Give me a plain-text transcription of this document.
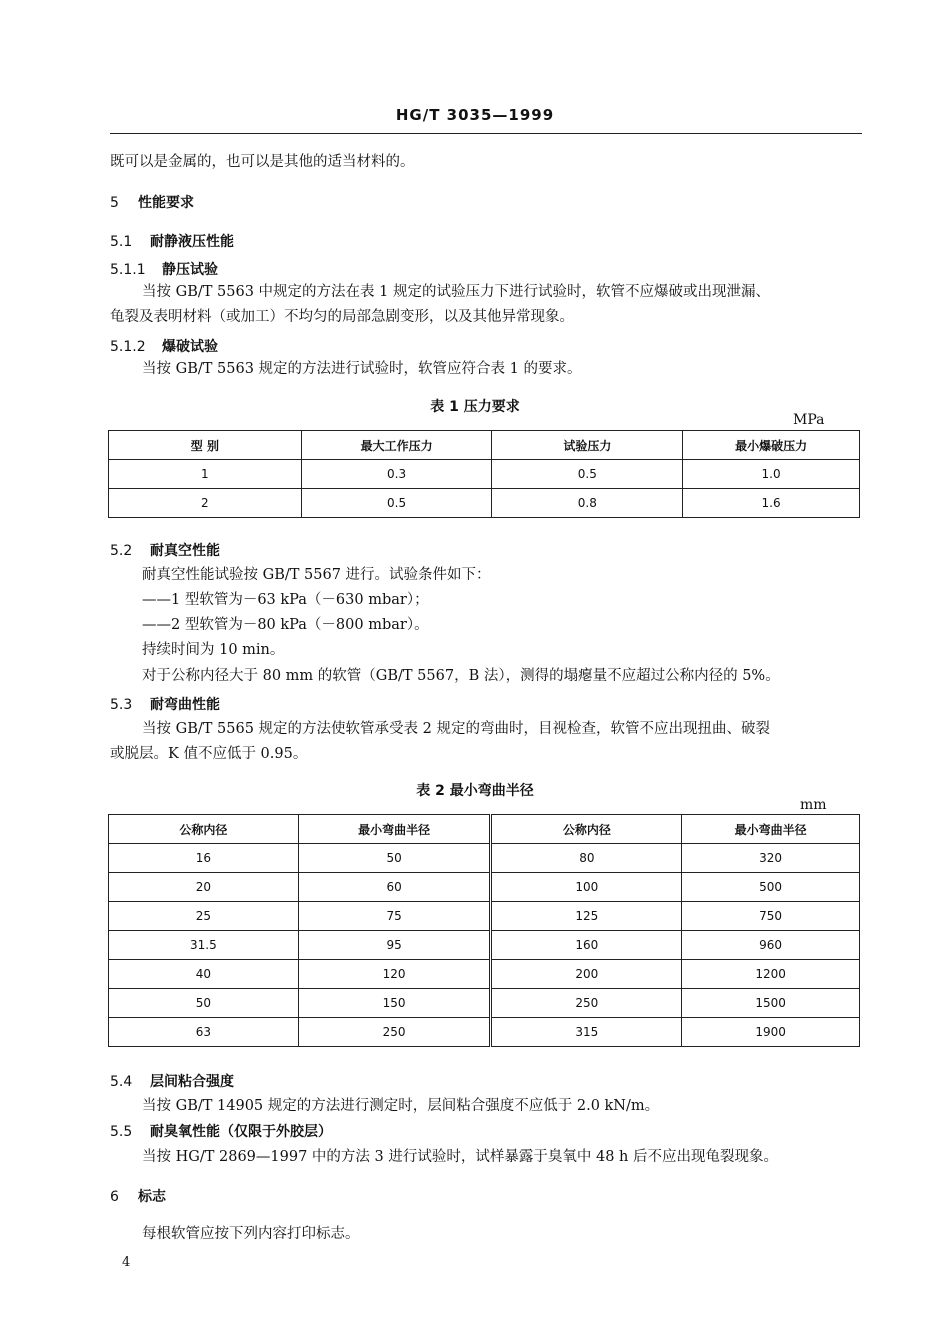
HG/T 3035—1999
既可以是金属的，也可以是其他的适当材料的。
5 性能要求
5.1 耐静液压性能
5.1.1 静压试验
当按 GB/T 5563 中规定的方法在表 1 规定的试验压力下进行试验时，软管不应爆破或出现泄漏、
龟裂及表明材料（或加工）不均匀的局部急剧变形，以及其他异常现象。
5.1.2 爆破试验
当按 GB/T 5563 规定的方法进行试验时，软管应符合表 1 的要求。
表 1 压力要求
MPa
型 别	最大工作压力	试验压力	最小爆破压力
1	0.3	0.5	1.0
2	0.5	0.8	1.6
5.2 耐真空性能
耐真空性能试验按 GB/T 5567 进行。试验条件如下：
——1 型软管为－63 kPa（－630 mbar）；
——2 型软管为－80 kPa（－800 mbar）。
持续时间为 10 min。
对于公称内径大于 80 mm 的软管（GB/T 5567，B 法），测得的塌瘪量不应超过公称内径的 5%。
5.3 耐弯曲性能
当按 GB/T 5565 规定的方法使软管承受表 2 规定的弯曲时，目视检查，软管不应出现扭曲、破裂
或脱层。K 值不应低于 0.95。
表 2 最小弯曲半径
mm
公称内径	最小弯曲半径	公称内径	最小弯曲半径
16	50	80	320
20	60	100	500
25	75	125	750
31.5	95	160	960
40	120	200	1200
50	150	250	1500
63	250	315	1900
5.4 层间粘合强度
当按 GB/T 14905 规定的方法进行测定时，层间粘合强度不应低于 2.0 kN/m。
5.5 耐臭氧性能（仅限于外胶层）
当按 HG/T 2869—1997 中的方法 3 进行试验时，试样暴露于臭氧中 48 h 后不应出现龟裂现象。
6 标志
每根软管应按下列内容打印标志。
4
